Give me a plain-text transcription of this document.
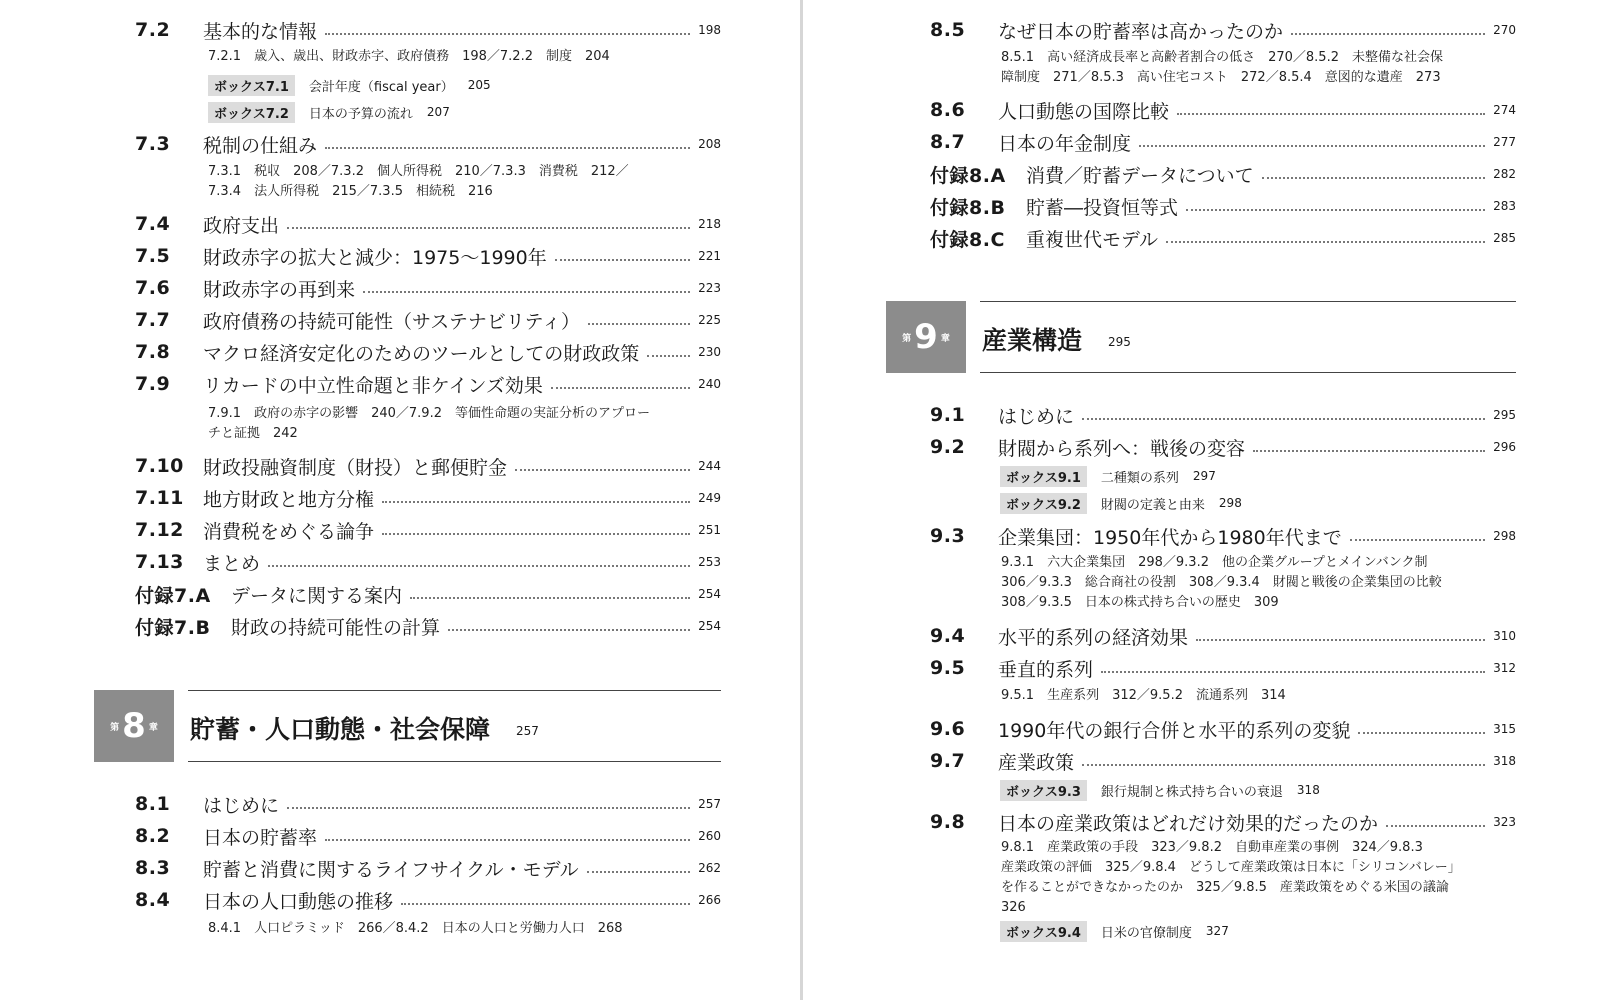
7.2	基本的な情報	198

7.2.1　歳入、歳出、財政赤字、政府債務　198／7.2.2　制度　204

ボックス7.1	会計年度（fiscal year） 205
ボックス7.2	日本の予算の流れ 207
7.3	税制の仕組み	208

7.3.1　税収　208／7.3.2　個人所得税　210／7.3.3　消費税　212／

7.3.4　法人所得税　215／7.3.5　相続税　216

7.4	政府支出	218
7.5	財政赤字の拡大と減少：1975～1990年	221
7.6	財政赤字の再到来	223
7.7	政府債務の持続可能性（サステナビリティ）	225
7.8	マクロ経済安定化のためのツールとしての財政政策	230
7.9	リカードの中立性命題と非ケインズ効果	240

7.9.1　政府の赤字の影響　240／7.9.2　等価性命題の実証分析のアプロー

チと証拠　242

7.10	財政投融資制度（財投）と郵便貯金	244
7.11	地方財政と地方分権	249
7.12	消費税をめぐる論争	251
7.13	まとめ	253
付録7.A	データに関する案内	254
付録7.B	財政の持続可能性の計算	254
第 8 章 貯蓄・人口動態・社会保障 257
8.1	はじめに	257
8.2	日本の貯蓄率	260
8.3	貯蓄と消費に関するライフサイクル・モデル	262
8.4	日本の人口動態の推移	266

8.4.1　人口ピラミッド　266／8.4.2　日本の人口と労働力人口　268

8.5	なぜ日本の貯蓄率は高かったのか	270

8.5.1　高い経済成長率と高齢者割合の低さ　270／8.5.2　未整備な社会保

障制度　271／8.5.3　高い住宅コスト　272／8.5.4　意図的な遺産　273

8.6	人口動態の国際比較	274
8.7	日本の年金制度	277
付録8.A	消費／貯蓄データについて	282
付録8.B	貯蓄―投資恒等式	283
付録8.C	重複世代モデル	285
第 9 章 産業構造 295
9.1	はじめに	295
9.2	財閥から系列へ：戦後の変容	296
ボックス9.1	二種類の系列 297
ボックス9.2	財閥の定義と由来 298
9.3	企業集団：1950年代から1980年代まで	298

9.3.1　六大企業集団　298／9.3.2　他の企業グループとメインバンク制

306／9.3.3　総合商社の役割　308／9.3.4　財閥と戦後の企業集団の比較

308／9.3.5　日本の株式持ち合いの歴史　309

9.4	水平的系列の経済効果	310
9.5	垂直的系列	312

9.5.1　生産系列　312／9.5.2　流通系列　314

9.6	1990年代の銀行合併と水平的系列の変貌	315
9.7	産業政策	318
ボックス9.3	銀行規制と株式持ち合いの衰退 318
9.8	日本の産業政策はどれだけ効果的だったのか	323

9.8.1　産業政策の手段　323／9.8.2　自動車産業の事例　324／9.8.3

産業政策の評価　325／9.8.4　どうして産業政策は日本に「シリコンバレー」

を作ることができなかったのか　325／9.8.5　産業政策をめぐる米国の議論

326

ボックス9.4	日米の官僚制度 327
